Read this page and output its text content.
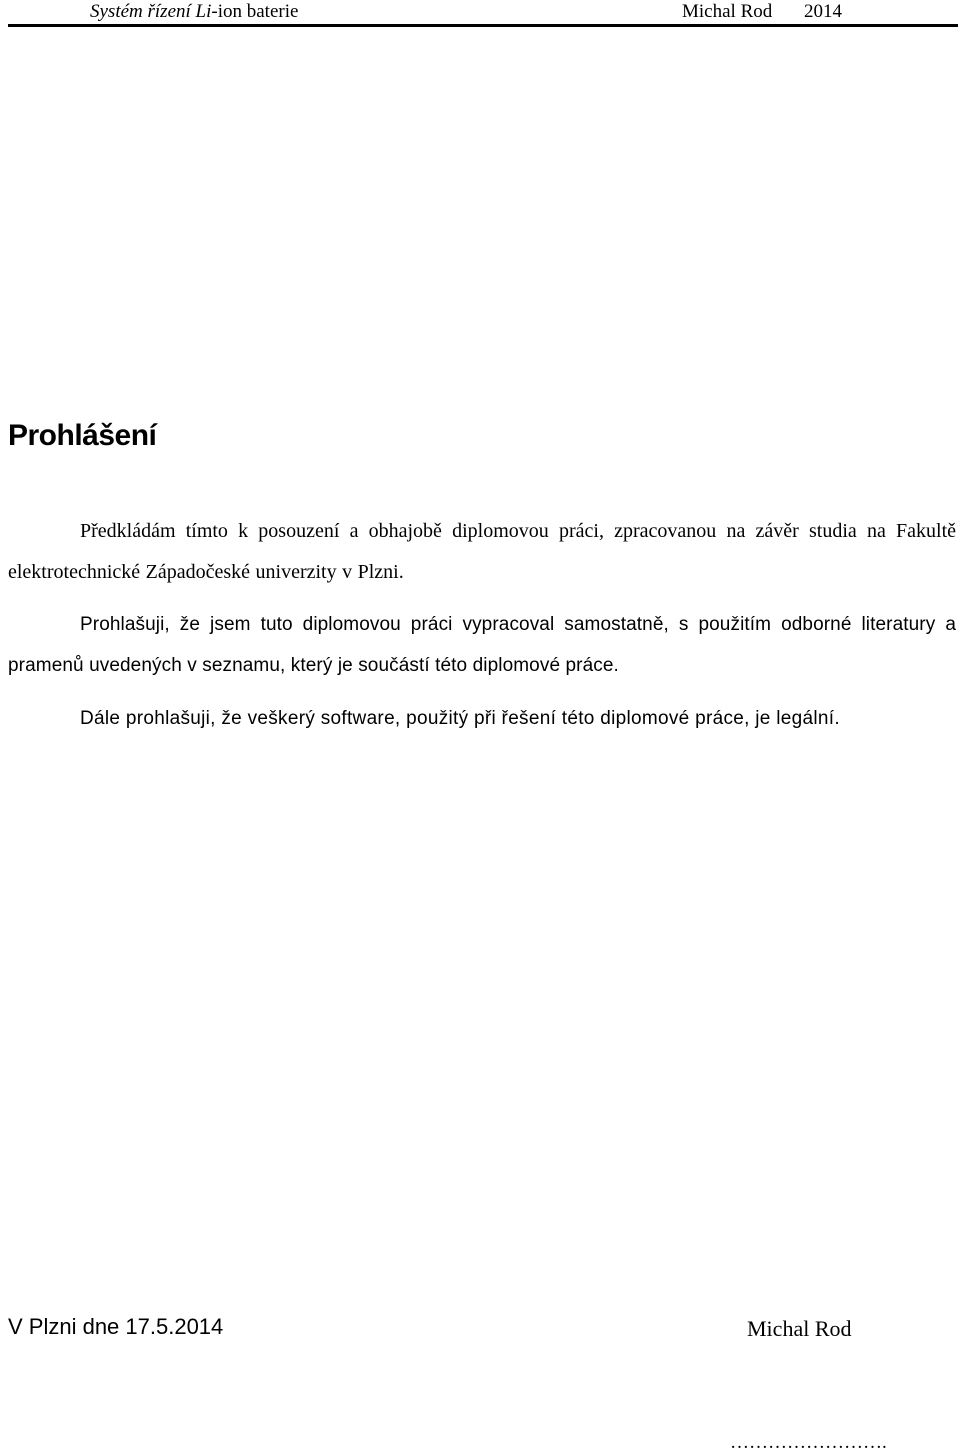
Systém řízení Li-ion baterie	Michal Rod 2014
Prohlášení

Předkládám tímto k posouzení a obhajobě diplomovou práci, zpracovanou na závěr studia na Fakultě elektrotechnické Západočeské univerzity v Plzni.

Prohlašuji, že jsem tuto diplomovou práci vypracoval samostatně, s použitím odborné literatury a pramenů uvedených v seznamu, který je součástí této diplomové práce.

Dále prohlašuji, že veškerý software, použitý při řešení této diplomové práce, je legální.

V Plzni dne 17.5.2014	Michal Rod
…………………….
